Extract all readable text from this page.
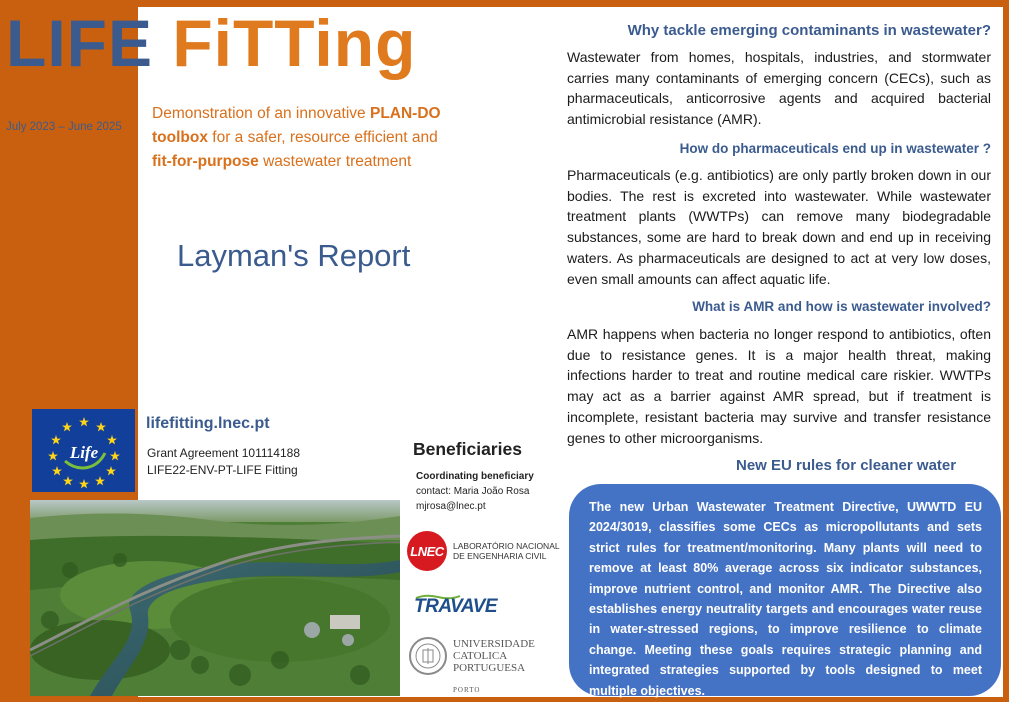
LIFE FiTTing
July 2023 – June 2025
Demonstration of an innovative PLAN-DO
toolbox for a safer, resource efficient and
fit-for-purpose wastewater treatment
Layman's Report
Life
lifefitting.lnec.pt
Grant Agreement 101114188
LIFE22-ENV-PT-LIFE Fitting
Beneficiaries
Coordinating beneficiary
contact: Maria João Rosa
mjrosa@lnec.pt
LNEC	LABORATÓRIO NACIONAL
DE ENGENHARIA CIVIL
TRAVAVE
UNIVERSIDADE
CATOLICA
PORTUGUESA
PORTO
Why tackle emerging contaminants in wastewater?
Wastewater from homes, hospitals, industries, and stormwater carries many contaminants of emerging concern (CECs), such as pharmaceuticals, anticorrosive agents and acquired bacterial antimicrobial resistance (AMR).
How do pharmaceuticals end up in wastewater ?
Pharmaceuticals (e.g. antibiotics) are only partly broken down in our bodies. The rest is excreted into wastewater. While wastewater treatment plants (WWTPs) can remove many biodegradable substances, some are hard to break down and end up in receiving waters. As pharmaceuticals are designed to act at very low doses, even small amounts can affect aquatic life.
What is AMR and how is wastewater involved?
AMR happens when bacteria no longer respond to antibiotics, often due to resistance genes. It is a major health threat, making infections harder to treat and routine medical care riskier. WWTPs may act as a barrier against AMR spread, but if treatment is incomplete, resistant bacteria may survive and transfer resistance genes to other microorganisms.
New EU rules for cleaner water

The new Urban Wastewater Treatment Directive, UWWTD EU 2024/3019, classifies some CECs as micropollutants and sets strict rules for treatment/monitoring. Many plants will need to remove at least 80% average across six indicator substances, improve nutrient control, and monitor AMR. The Directive also establishes energy neutrality targets and encourages water reuse in water-stressed regions, to improve resilience to climate change. Meeting these goals requires strategic planning and integrated strategies supported by tools designed to meet multiple objectives.
